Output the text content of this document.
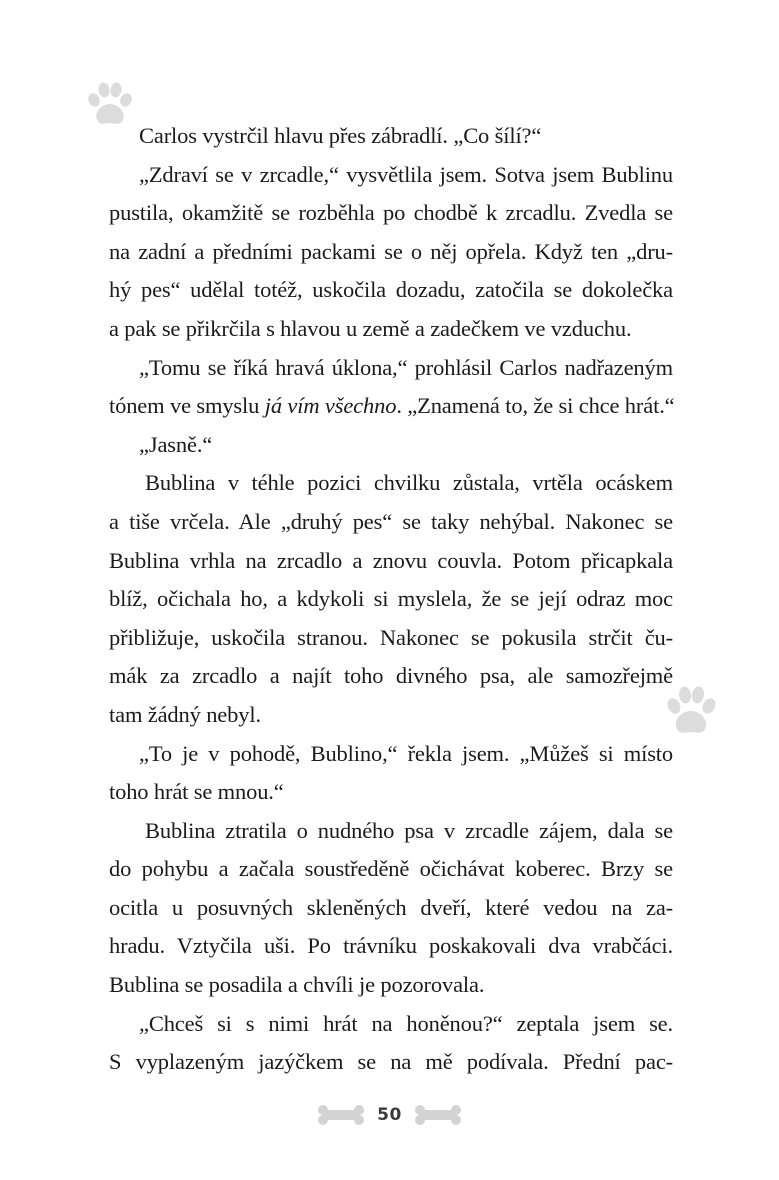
Carlos vystrčil hlavu přes zábradlí. „Co šílí?“
„Zdraví se v zrcadle,“ vysvětlila jsem. Sotva jsem Bublinu
pustila, okamžitě se rozběhla po chodbě k zrcadlu. Zvedla se
na zadní a předními packami se o něj opřela. Když ten „dru-
hý pes“ udělal totéž, uskočila dozadu, zatočila se dokolečka
a pak se přikrčila s hlavou u země a zadečkem ve vzduchu.
„Tomu se říká hravá úklona,“ prohlásil Carlos nadřazeným
tónem ve smyslu já vím všechno. „Znamená to, že si chce hrát.“
„Jasně.“
Bublina v téhle pozici chvilku zůstala, vrtěla ocáskem
a tiše vrčela. Ale „druhý pes“ se taky nehýbal. Nakonec se
Bublina vrhla na zrcadlo a znovu couvla. Potom přicapkala
blíž, očichala ho, a kdykoli si myslela, že se její odraz moc
přibližuje, uskočila stranou. Nakonec se pokusila strčit ču-
mák za zrcadlo a najít toho divného psa, ale samozřejmě
tam žádný nebyl.
„To je v pohodě, Bublino,“ řekla jsem. „Můžeš si místo
toho hrát se mnou.“
Bublina ztratila o nudného psa v zrcadle zájem, dala se
do pohybu a začala soustředěně očichávat koberec. Brzy se
ocitla u posuvných skleněných dveří, které vedou na za-
hradu. Vztyčila uši. Po trávníku poskakovali dva vrabčáci.
Bublina se posadila a chvíli je pozorovala.
„Chceš si s nimi hrát na honěnou?“ zeptala jsem se.
S vyplazeným jazýčkem se na mě podívala. Přední pac-
50
